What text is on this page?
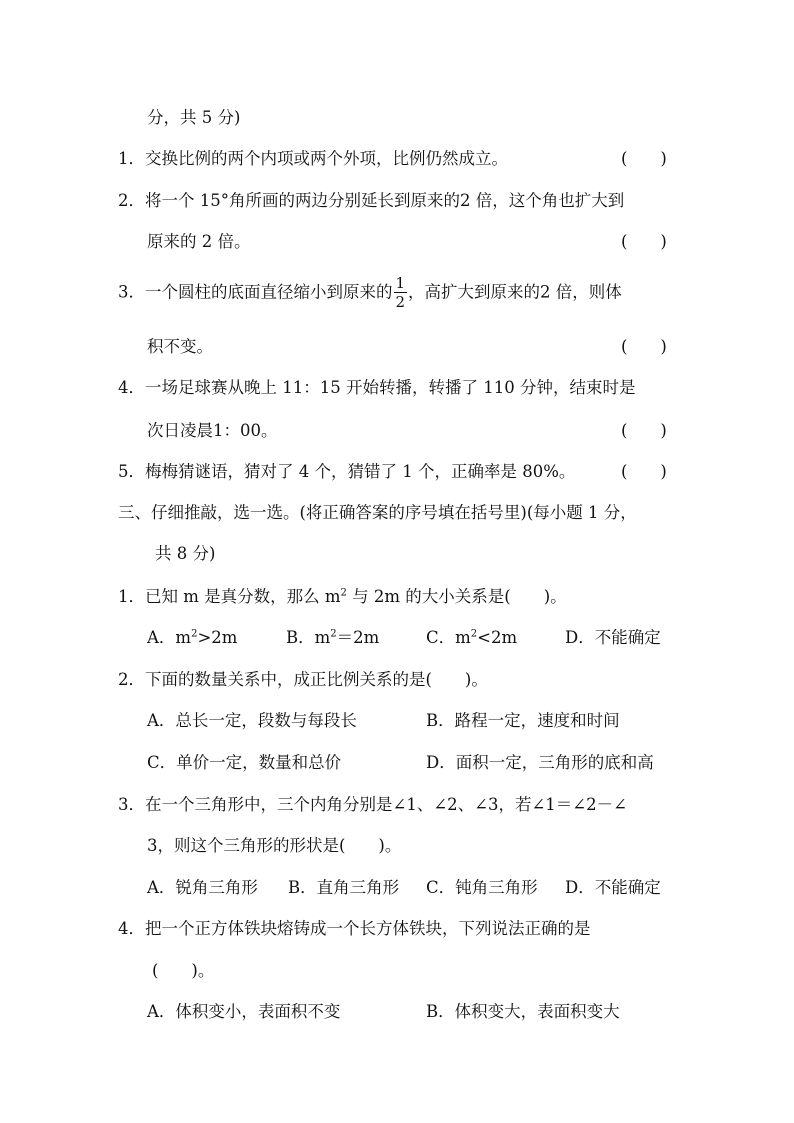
分，共 5 分)
1．交换比例的两个内项或两个外项，比例仍然成立。	(　　)
2．将一个 15°角所画的两边分别延长到原来的2 倍，这个角也扩大到
原来的 2 倍。	(　　)
3．一个圆柱的底面直径缩小到原来的 $\frac{1}{2}$ ，高扩大到原来的2 倍，则体
积不变。	(　　)
4．一场足球赛从晚上 11：15 开始转播，转播了 110 分钟，结束时是
次日凌晨1：00。	(　　)
5．梅梅猜谜语，猜对了 4 个，猜错了 1 个，正确率是 80%。	(　　)
三、仔细推敲，选一选。(将正确答案的序号填在括号里)(每小题 1 分，
共 8 分)
1．已知 m 是真分数，那么 $m^2$ 与 2m 的大小关系是(　　)。
A．$m^2>2m$	B．$m^2=2m$	C．$m^2<2m$	D．不能确定
2．下面的数量关系中，成正比例关系的是(　　)。
A．总长一定，段数与每段长	B．路程一定，速度和时间
C．单价一定，数量和总价	D．面积一定，三角形的底和高
3．在一个三角形中，三个内角分别是∠1、∠2、∠3，若∠1＝∠2－∠
3，则这个三角形的形状是(　　)。
A．锐角三角形 B．直角三角形 C．钝角三角形 D．不能确定
4．把一个正方体铁块熔铸成一个长方体铁块，下列说法正确的是
(　　)。
A．体积变小，表面积不变	B．体积变大，表面积变大
